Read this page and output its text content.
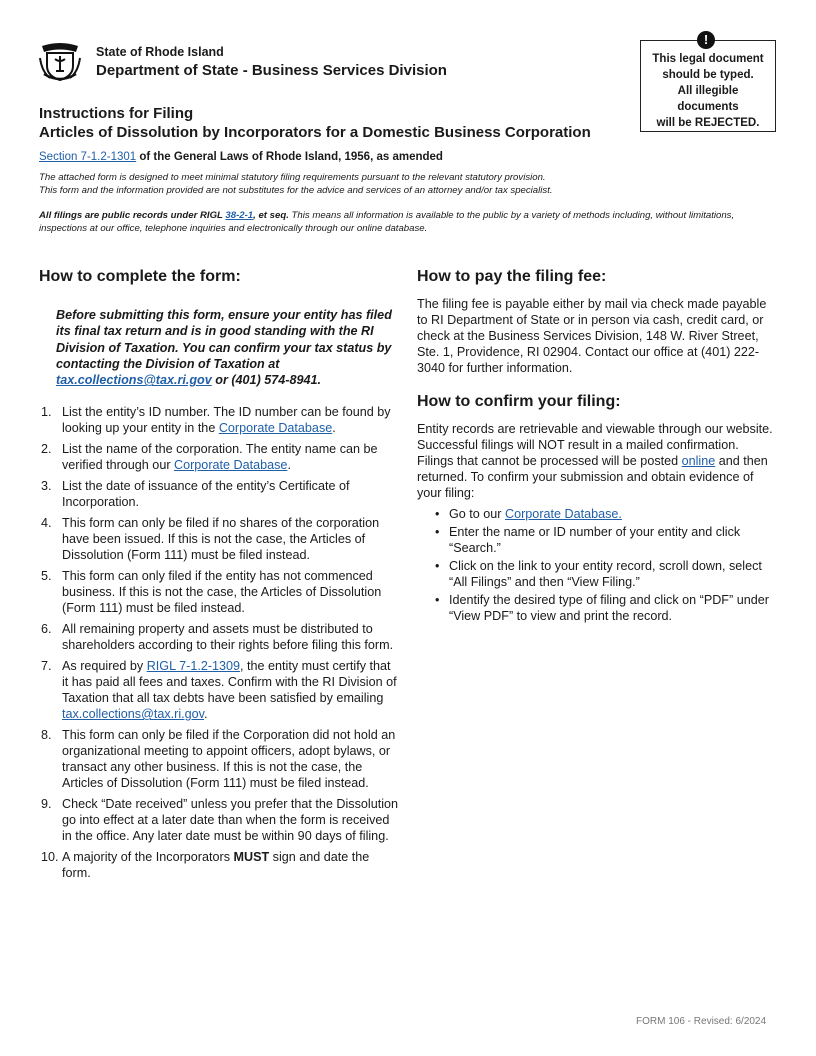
State of Rhode Island
Department of State - Business Services Division
This legal document
should be typed.
All illegible
documents
will be REJECTED.
!
Instructions for Filing
Articles of Dissolution by Incorporators for a Domestic Business Corporation
Section 7-1.2-1301 of the General Laws of Rhode Island, 1956, as amended
The attached form is designed to meet minimal statutory filing requirements pursuant to the relevant statutory provision.
This form and the information provided are not substitutes for the advice and services of an attorney and/or tax specialist.
All filings are public records under RIGL 38-2-1, et seq. This means all information is available to the public by a variety of methods including, without limitations, inspections at our office, telephone inquiries and electronically through our online database.
How to complete the form:
Before submitting this form, ensure your entity has filed its final tax return and is in good standing with the RI Division of Taxation. You can confirm your tax status by contacting the Division of Taxation at tax.collections@tax.ri.gov or (401) 574-8941.
1. List the entity’s ID number. The ID number can be found by looking up your entity in the Corporate Database.
2. List the name of the corporation. The entity name can be verified through our Corporate Database.
3. List the date of issuance of the entity’s Certificate of Incorporation.
4. This form can only be filed if no shares of the corporation have been issued. If this is not the case, the Articles of Dissolution (Form 111) must be filed instead.
5. This form can only filed if the entity has not commenced business. If this is not the case, the Articles of Dissolution (Form 111) must be filed instead.
6. All remaining property and assets must be distributed to shareholders according to their rights before filing this form.
7. As required by RIGL 7-1.2-1309, the entity must certify that it has paid all fees and taxes. Confirm with the RI Division of Taxation that all tax debts have been satisfied by emailing tax.collections@tax.ri.gov.
8. This form can only be filed if the Corporation did not hold an organizational meeting to appoint officers, adopt bylaws, or transact any other business. If this is not the case, the Articles of Dissolution (Form 111) must be filed instead.
9. Check “Date received” unless you prefer that the Dissolution go into effect at a later date than when the form is received in the office. Any later date must be within 90 days of filing.
10. A majority of the Incorporators MUST sign and date the form.
How to pay the filing fee:

The filing fee is payable either by mail via check made payable to RI Department of State or in person via cash, credit card, or check at the Business Services Division, 148 W. River Street, Ste. 1, Providence, RI 02904. Contact our office at (401) 222-3040 for further information.

How to confirm your filing:

Entity records are retrievable and viewable through our website. Successful filings will NOT result in a mailed confirmation. Filings that cannot be processed will be posted online and then returned. To confirm your submission and obtain evidence of your filing:

• Go to our Corporate Database.
• Enter the name or ID number of your entity and click “Search.”
• Click on the link to your entity record, scroll down, select “All Filings” and then “View Filing.”
• Identify the desired type of filing and click on “PDF” under “View PDF” to view and print the record.
FORM 106 - Revised: 6/2024
